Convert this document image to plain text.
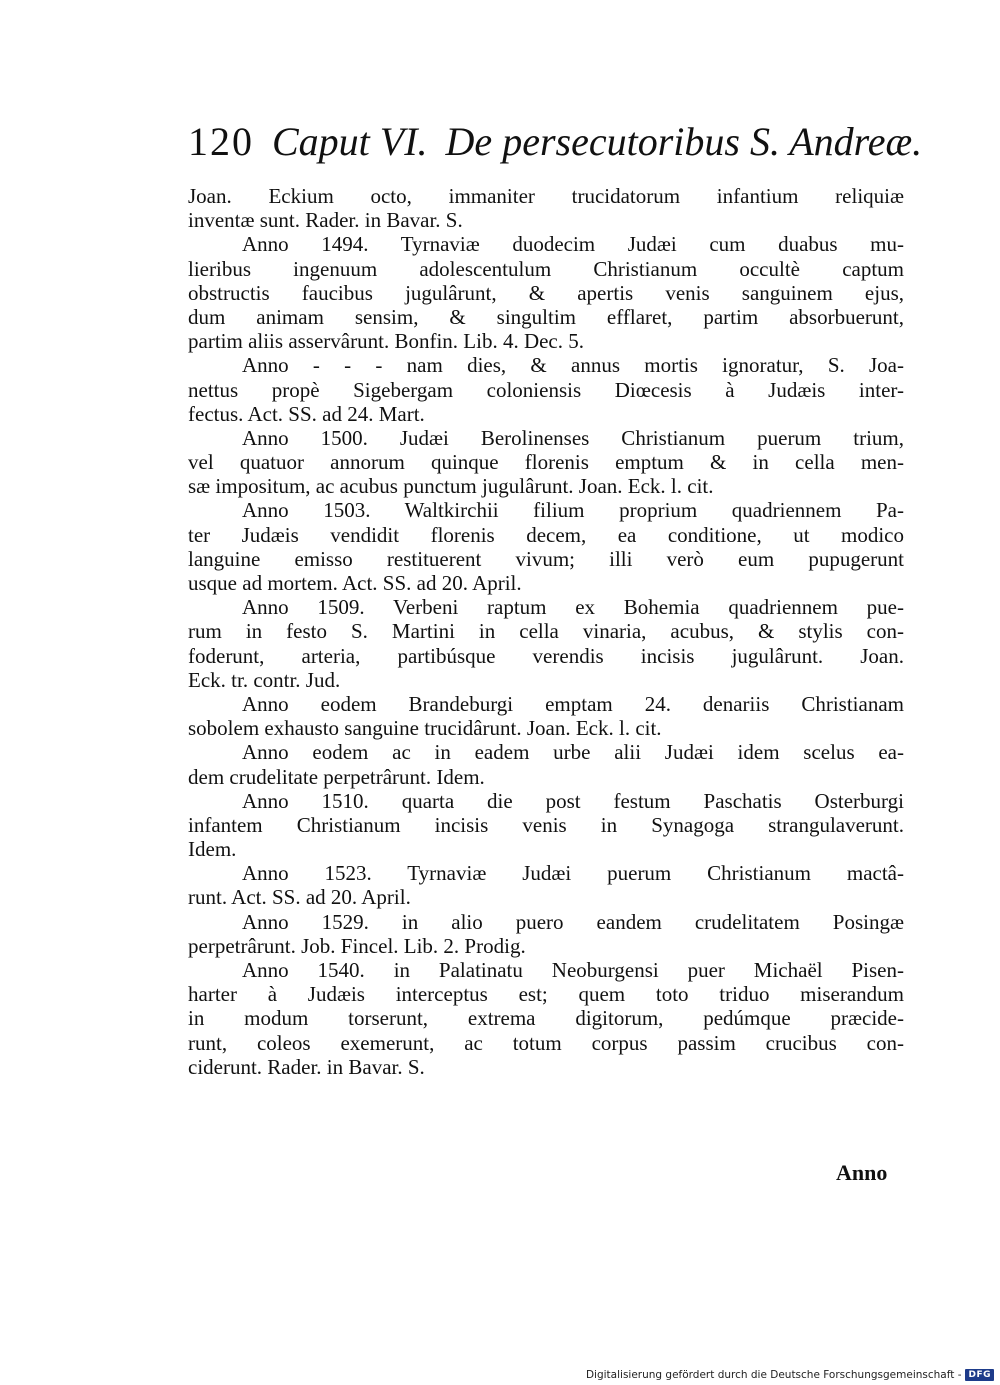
120 Caput VI. De persecutoribus S. Andreæ.
Joan. Eckium octo, immaniter trucidatorum infantium reliquiæ
inventæ sunt. Rader. in Bavar. S.
Anno 1494. Tyrnaviæ duodecim Judæi cum duabus mu-
lieribus ingenuum adolescentulum Christianum occultè captum
obstructis faucibus jugulârunt, & apertis venis sanguinem ejus,
dum animam sensim, & singultim efflaret, partim absorbuerunt,
partim aliis asservârunt. Bonfin. Lib. 4. Dec. 5.
Anno - - - nam dies, & annus mortis ignoratur, S. Joa-
nettus propè Sigebergam coloniensis Diœcesis à Judæis inter-
fectus. Act. SS. ad 24. Mart.
Anno 1500. Judæi Berolinenses Christianum puerum trium,
vel quatuor annorum quinque florenis emptum & in cella men-
sæ impositum, ac acubus punctum jugulârunt. Joan. Eck. l. cit.
Anno 1503. Waltkirchii filium proprium quadriennem Pa-
ter Judæis vendidit florenis decem, ea conditione, ut modico
languine emisso restituerent vivum; illi verò eum pupugerunt
usque ad mortem. Act. SS. ad 20. April.
Anno 1509. Verbeni raptum ex Bohemia quadriennem pue-
rum in festo S. Martini in cella vinaria, acubus, & stylis con-
foderunt, arteria, partibúsque verendis incisis jugulârunt. Joan.
Eck. tr. contr. Jud.
Anno eodem Brandeburgi emptam 24. denariis Christianam
sobolem exhausto sanguine trucidârunt. Joan. Eck. l. cit.
Anno eodem ac in eadem urbe alii Judæi idem scelus ea-
dem crudelitate perpetrârunt. Idem.
Anno 1510. quarta die post festum Paschatis Osterburgi
infantem Christianum incisis venis in Synagoga strangulaverunt.
Idem.
Anno 1523. Tyrnaviæ Judæi puerum Christianum mactâ-
runt. Act. SS. ad 20. April.
Anno 1529. in alio puero eandem crudelitatem Posingæ
perpetrârunt. Job. Fincel. Lib. 2. Prodig.
Anno 1540. in Palatinatu Neoburgensi puer Michaël Pisen-
harter à Judæis interceptus est; quem toto triduo miserandum
in modum torserunt, extrema digitorum, pedúmque præcide-
runt, coleos exemerunt, ac totum corpus passim crucibus con-
ciderunt. Rader. in Bavar. S.
Anno
Digitalisierung gefördert durch die Deutsche Forschungsgemeinschaft - DFG
